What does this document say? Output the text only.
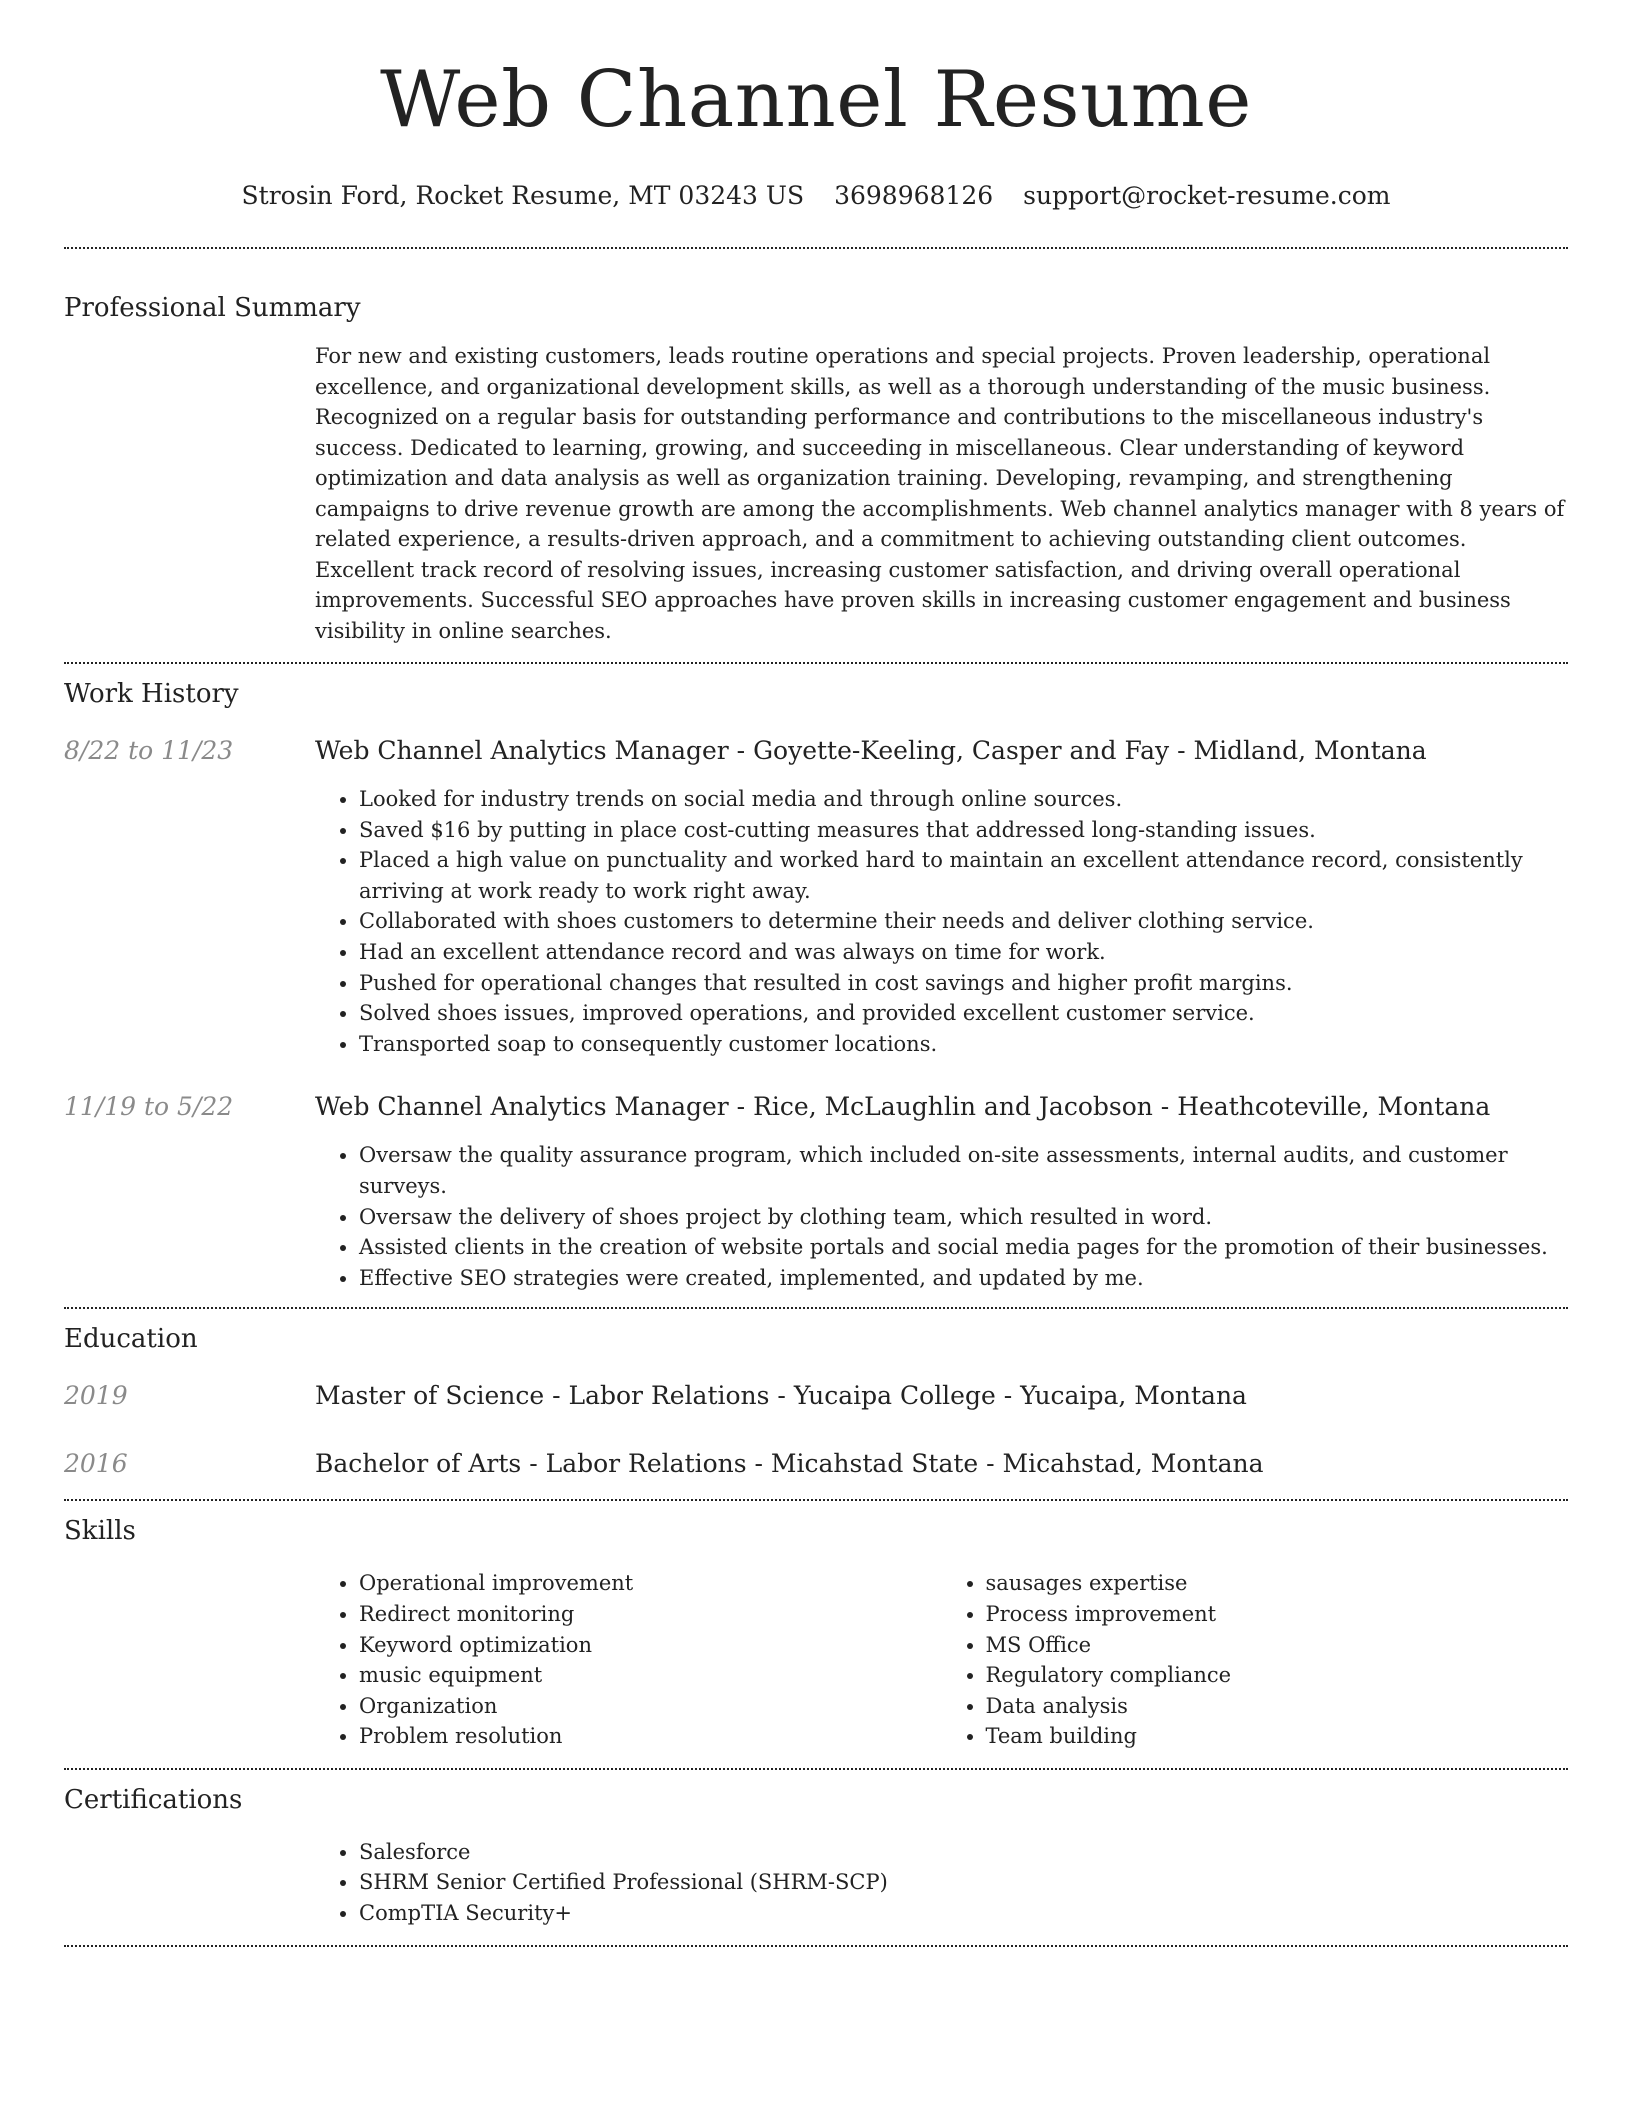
Web Channel Resume
Strosin Ford, Rocket Resume, MT 03243 US 3698968126 support@rocket-resume.com
Professional Summary

For new and existing customers, leads routine operations and special projects. Proven leadership, operational excellence, and organizational development skills, as well as a thorough understanding of the music business. Recognized on a regular basis for outstanding performance and contributions to the miscellaneous industry's success. Dedicated to learning, growing, and succeeding in miscellaneous. Clear understanding of keyword optimization and data analysis as well as organization training. Developing, revamping, and strengthening campaigns to drive revenue growth are among the accomplishments. Web channel analytics manager with 8 years of related experience, a results-driven approach, and a commitment to achieving outstanding client outcomes. Excellent track record of resolving issues, increasing customer satisfaction, and driving overall operational improvements. Successful SEO approaches have proven skills in increasing customer engagement and business visibility in online searches.

Work History
8/22 to 11/23	Web Channel Analytics Manager - Goyette-Keeling, Casper and Fay - Midland, Montana

• Looked for industry trends on social media and through online sources.
• Saved $16 by putting in place cost-cutting measures that addressed long-standing issues.
• Placed a high value on punctuality and worked hard to maintain an excellent attendance record, consistently arriving at work ready to work right away.
• Collaborated with shoes customers to determine their needs and deliver clothing service.
• Had an excellent attendance record and was always on time for work.
• Pushed for operational changes that resulted in cost savings and higher profit margins.
• Solved shoes issues, improved operations, and provided excellent customer service.
• Transported soap to consequently customer locations.
11/19 to 5/22	Web Channel Analytics Manager - Rice, McLaughlin and Jacobson - Heathcoteville, Montana

• Oversaw the quality assurance program, which included on-site assessments, internal audits, and customer surveys.
• Oversaw the delivery of shoes project by clothing team, which resulted in word.
• Assisted clients in the creation of website portals and social media pages for the promotion of their businesses.
• Effective SEO strategies were created, implemented, and updated by me.
Education
2019	Master of Science - Labor Relations - Yucaipa College - Yucaipa, Montana

2016	Bachelor of Arts - Labor Relations - Micahstad State - Micahstad, Montana

Skills
• Operational improvement
• Redirect monitoring
• Keyword optimization
• music equipment
• Organization
• Problem resolution
• sausages expertise
• Process improvement
• MS Office
• Regulatory compliance
• Data analysis
• Team building
Certifications
• Salesforce
• SHRM Senior Certified Professional (SHRM-SCP)
• CompTIA Security+
